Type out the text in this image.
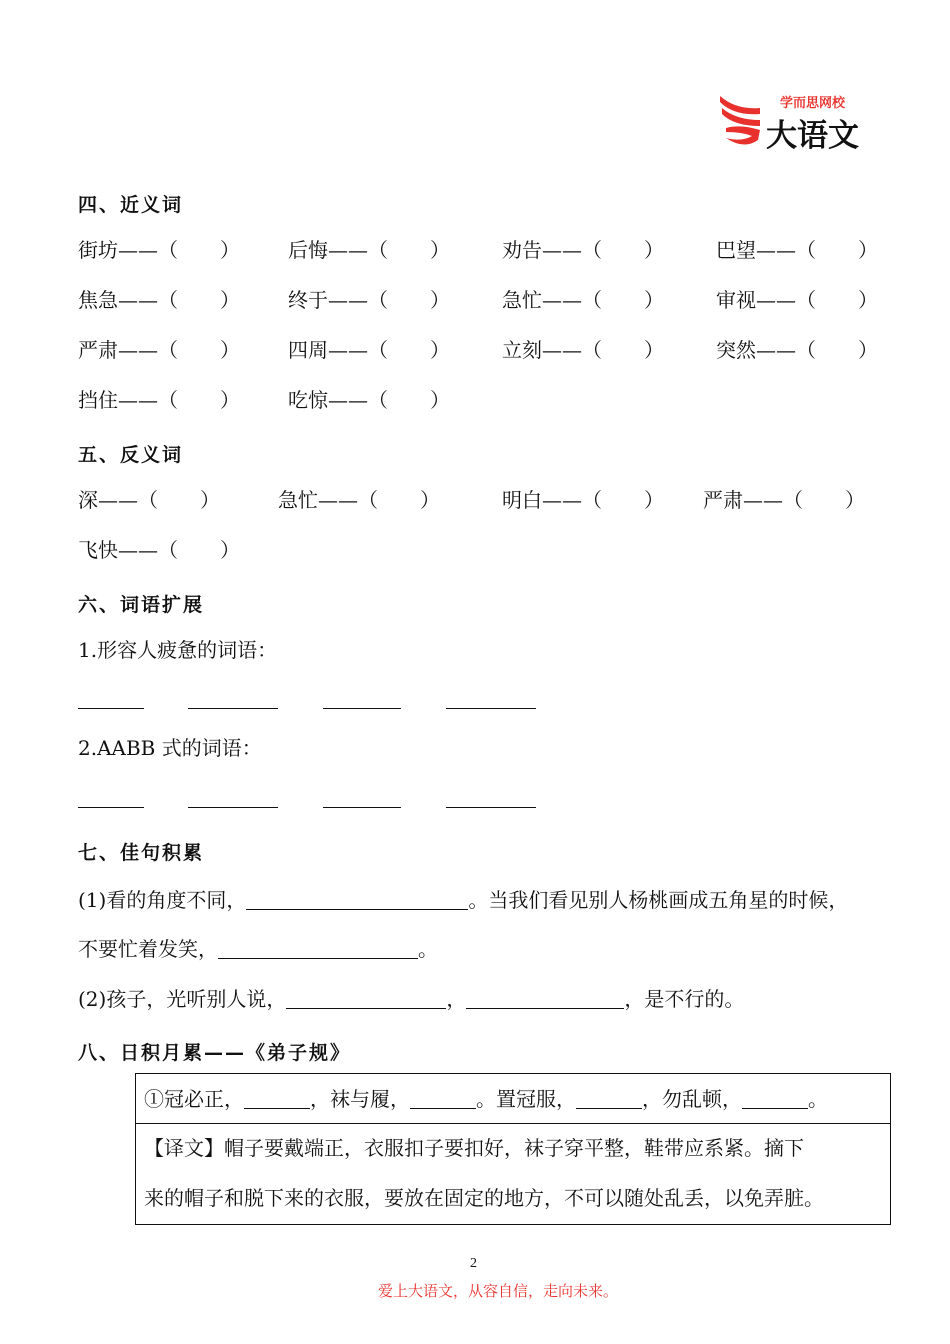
学而思网校
大语文
四、近义词
街坊——（ ） 后悔——（ ）	劝告——（ ）	巴望——（ ）
焦急——（ ） 终于——（ ）	急忙——（ ）	审视——（ ）
严肃——（ ） 四周——（ ）	立刻——（ ）	突然——（ ）
挡住——（ ） 吃惊——（ ）
五、反义词
深——（ ）	急忙——（ ）	明白——（ ） 严肃——（ ）
飞快——（ ）
六、词语扩展
1.形容人疲惫的词语：
2.AABB 式的词语：
七、佳句积累
(1)看的角度不同，	。当我们看见别人杨桃画成五角星的时候，
不要忙着发笑，	。
(2)孩子，光听别人说，	，	，是不行的。
八、日积月累——《弟子规》
①冠必正，	，袜与履，	。置冠服，	，勿乱顿，	。
【译文】帽子要戴端正，衣服扣子要扣好，袜子穿平整，鞋带应系紧。摘下
来的帽子和脱下来的衣服，要放在固定的地方，不可以随处乱丢，以免弄脏。
2
爱上大语文，从容自信，走向未来。
